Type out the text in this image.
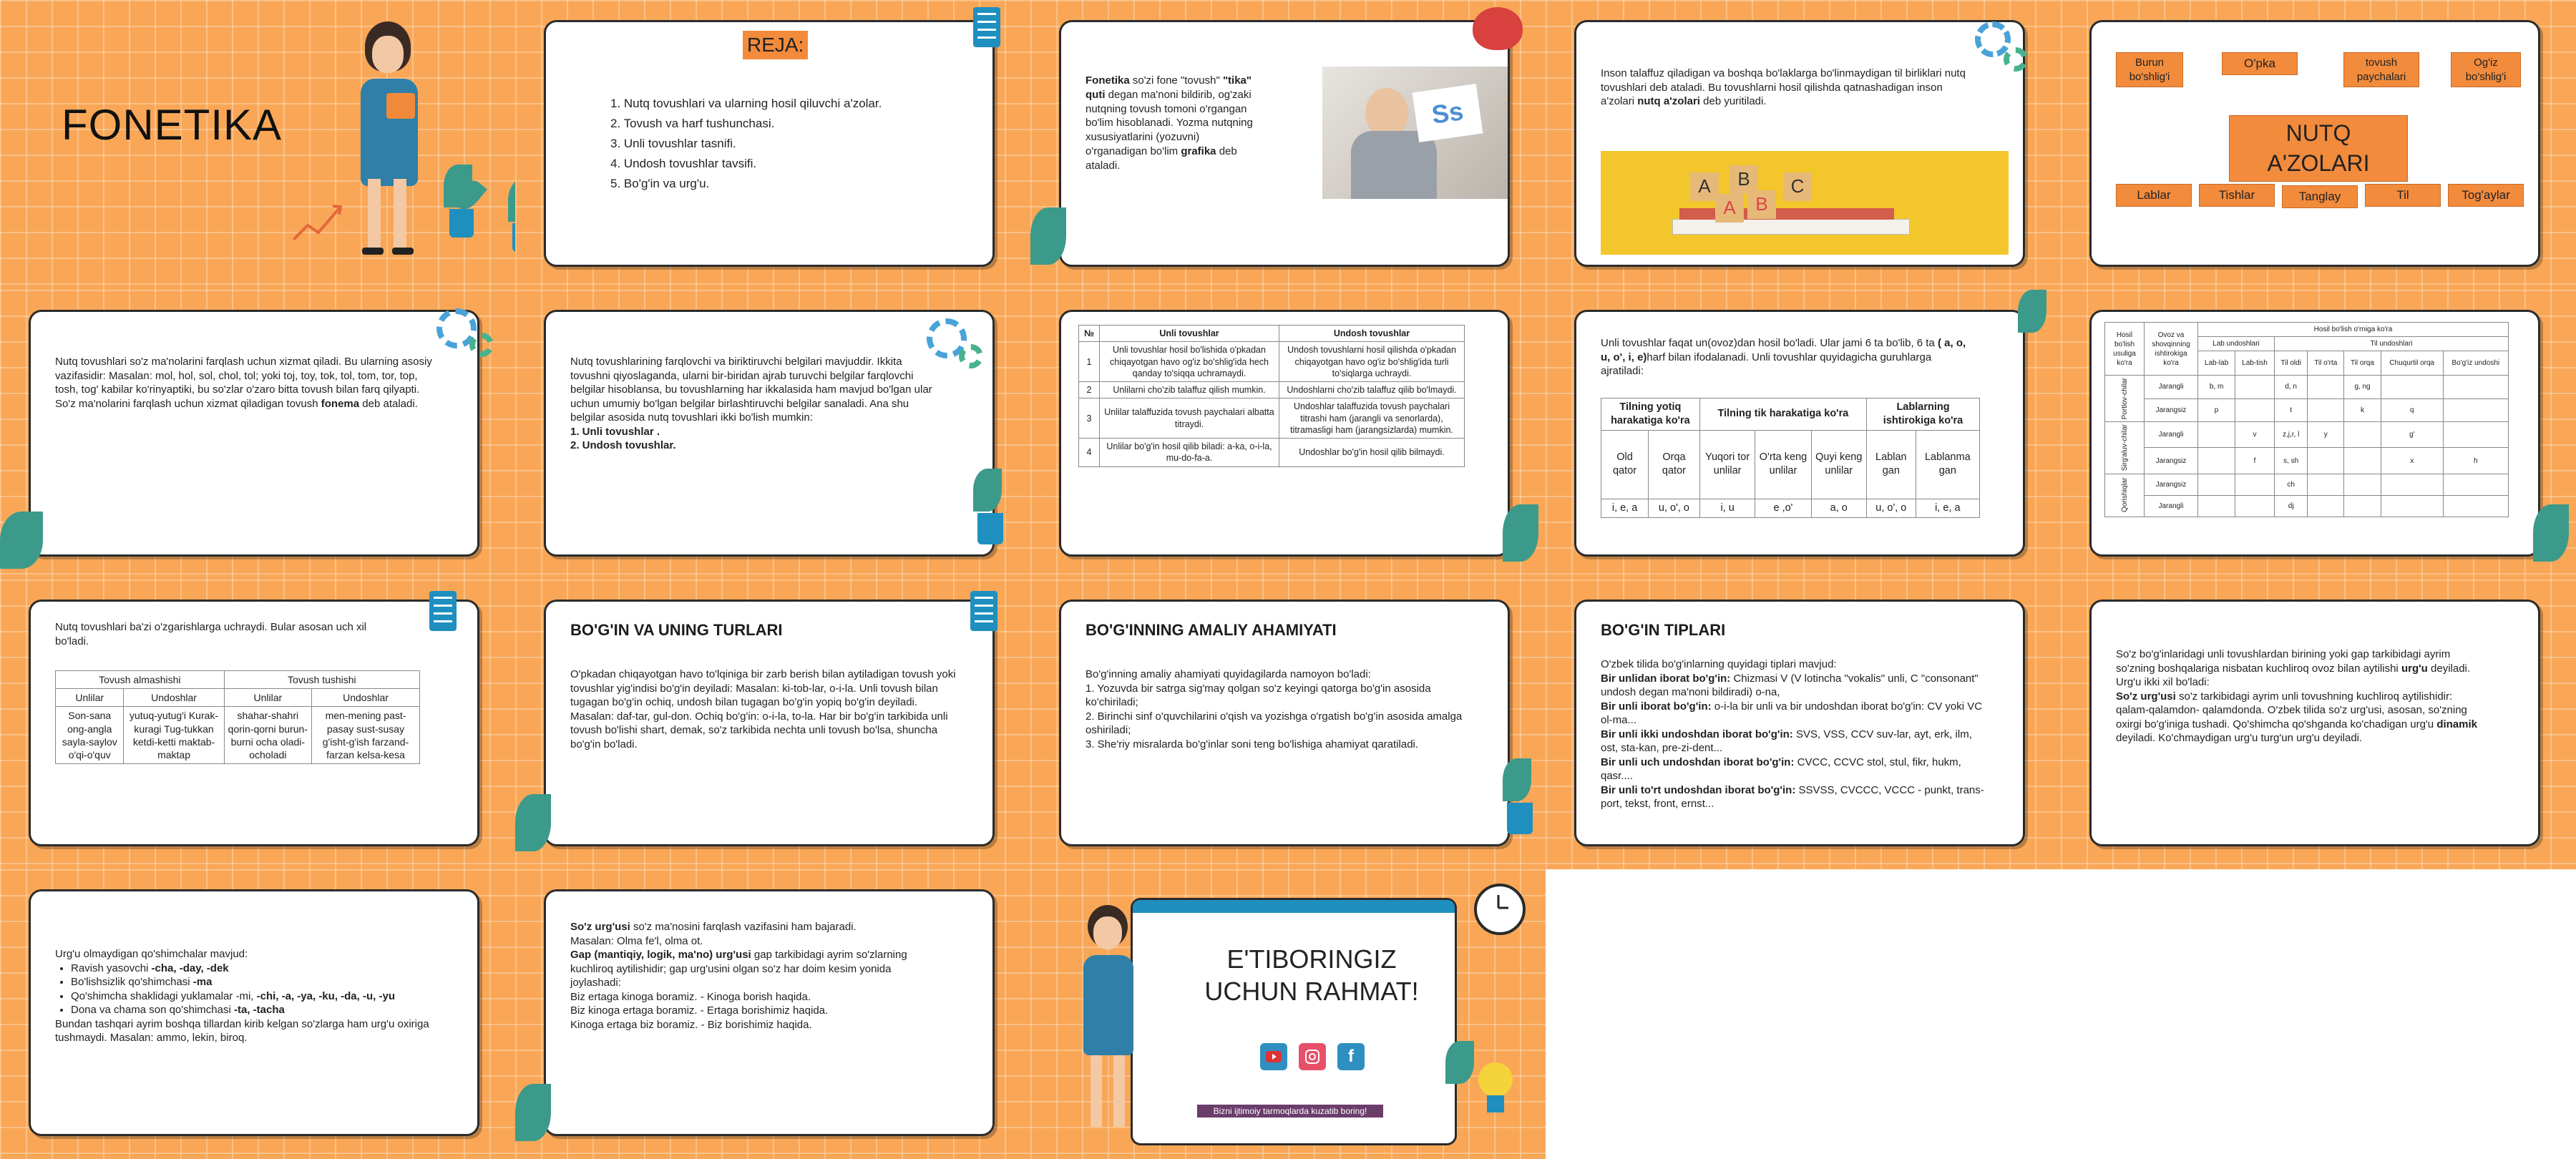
FONETIKA
REJA:
1. Nutq tovushlari va ularning hosil qiluvchi a'zolar.
2. Tovush va harf tushunchasi.
3. Unli tovushlar tasnifi.
4. Undosh tovushlar tavsifi.
5. Bo'g'in va urg'u.

Fonetika so'zi fone "tovush" "tika" quti degan ma'noni bildirib, og'zaki nutqning tovush tomoni o'rgangan bo'lim hisoblanadi. Yozma nutqning xususiyatlarini (yozuvni) o'rganadigan bo'lim grafika deb ataladi.

Ss

Inson talaffuz qiladigan va boshqa bo'laklarga bo'linmaydigan til birliklari nutq tovushlari deb ataladi. Bu tovushlarni hosil qilishda qatnashadigan inson a'zolari nutq a'zolari deb yuritiladi.

A	B
A	B
C
Burun bo'shlig'i
O'pka	tovush paychalari
Og'iz bo'shlig'i
NUTQ A'ZOLARI
Lablar	Tishlar	Tanglay	Til	Tog'aylar

Nutq tovushlari so'z ma'nolarini farqlash uchun xizmat qiladi. Bu ularning asosiy vazifasidir: Masalan: mol, hol, sol, chol, tol; yoki toj, toy, tok, tol, tom, tor, top, tosh, tog' kabilar ko'rinyaptiki, bu so'zlar o'zaro bitta tovush bilan farq qilyapti. So'z ma'nolarini farqlash uchun xizmat qiladigan tovush fonema deb ataladi.

Nutq tovushlarining farqlovchi va biriktiruvchi belgilari mavjuddir. Ikkita tovushni qiyoslaganda, ularni bir-biridan ajrab turuvchi belgilar farqlovchi belgilar hisoblansa, bu tovushlarning har ikkalasida ham mavjud bo'lgan ular uchun umumiy bo'lgan belgilar birlashtiruvchi belgilar sanaladi. Ana shu belgilar asosida nutq tovushlari ikki bo'lish mumkin:
1. Unli tovushlar .
2. Undosh tovushlar.

№	Unli tovushlar	Undosh tovushlar
1	Unli tovushlar hosil bo'lishida o'pkadan chiqayotgan havo og'iz bo'shlig'ida hech qanday to'siqqa uchramaydi.	Undosh tovushlarni hosil qilishda o'pkadan chiqayotgan havo og'iz bo'shlig'ida turli to'siqlarga uchraydi.
2	Unlilarni cho'zib talaffuz qilish mumkin.	Undoshlarni cho'zib talaffuz qilib bo'lmaydi.
3	Unlilar talaffuzida tovush paychalari albatta titraydi.	Undoshlar talaffuzida tovush paychalari titrashi ham (jarangli va senorlarda), titramasligi ham (jarangsizlarda) mumkin.
4	Unlilar bo'g'in hosil qilib biladi: a-ka, o-i-la, mu-do-fa-a.	Undoshlar bo'g'in hosil qilib bilmaydi.

Unli tovushlar faqat un(ovoz)dan hosil bo'ladi. Ular jami 6 ta bo'lib, 6 ta ( a, o, u, o', i, e)harf bilan ifodalanadi. Unli tovushlar quyidagicha guruhlarga ajratiladi:

Tilning yotiq harakatiga ko'ra		Tilning tik harakatiga ko'ra			Lablarning ishtirokiga ko'ra	
Old qator	Orqa qator	Yuqori tor unlilar	O'rta keng unlilar	Quyi keng unlilar	Lablan gan	Lablanma gan
i, e, a	u, o', o	i, u	e ,o'	a, o	u, o', o	i, e, a
Hosil bo'lish usuliga ko'ra	Ovoz va shovqinning ishtirokiga ko'ra	Hosil bo'lish o'rniga ko'ra						
		Lab undoshlari		Til undoshlari				
		Lab-lab	Lab-tish	Til oldi	Til o'rta	Til orqa	Chuqurtil orqa	Bo'g'iz undoshi
Portlov-chilar	Jarangli	b, m		d, n		g, ng		
	Jarangsiz	p		t		k	q	
Sirg'aluv-chilar	Jarangli		v	z,j,r, l	y		g'	
	Jarangsiz		f	s, sh			x	h
Qorishiqlar	Jarangsiz			ch				
	Jarangli			dj				

Nutq tovushlari ba'zi o'zgarishlarga uchraydi. Bular asosan uch xil bo'ladi.

Tovush almashishi		Tovush tushishi	
Unlilar	Undoshlar	Unlilar	Undoshlar
Son-sana ong-angla sayla-saylov o'qi-o'quv	yutuq-yutug'i Kurak-kuragi Tug-tukkan ketdi-ketti maktab-maktap	shahar-shahri qorin-qorni burun-burni ocha oladi-ocholadi	men-mening past-pasay sust-susay g'isht-g'ish farzand-farzan kelsa-kesa
BO'G'IN VA UNING TURLARI

O'pkadan chiqayotgan havo to'lqiniga bir zarb berish bilan aytiladigan tovush yoki tovushlar yig'indisi bo'g'in deyiladi: Masalan: ki-tob-lar, o-i-la. Unli tovush bilan tugagan bo'g'in ochiq, undosh bilan tugagan bo'g'in yopiq bo'g'in deyiladi. Masalan: daf-tar, gul-don. Ochiq bo'g'in: o-i-la, to-la. Har bir bo'g'in tarkibida unli tovush bo'lishi shart, demak, so'z tarkibida nechta unli tovush bo'lsa, shuncha bo'g'in bo'ladi.

BO'G'INNING AMALIY AHAMIYATI
Bo'g'inning amaliy ahamiyati quyidagilarda namoyon bo'ladi:
1. Yozuvda bir satrga sig'may qolgan so'z keyingi qatorga bo'g'in asosida ko'chiriladi;
2. Birinchi sinf o'quvchilarini o'qish va yozishga o'rgatish bo'g'in asosida amalga oshiriladi;
3. She'riy misralarda bo'g'inlar soni teng bo'lishiga ahamiyat qaratiladi.
BO'G'IN TIPLARI
O'zbek tilida bo'g'inlarning quyidagi tiplari mavjud:
Bir unlidan iborat bo'g'in: Chizmasi V (V lotincha "vokalis" unli, C "consonant" undosh degan ma'noni bildiradi) o-na,
Bir unli iborat bo'g'in: o-i-la bir unli va bir undoshdan iborat bo'g'in: CV yoki VC ol-ma...
Bir unli ikki undoshdan iborat bo'g'in: SVS, VSS, CCV suv-lar, ayt, erk, ilm, ost, sta-kan, pre-zi-dent...
Bir unli uch undoshdan iborat bo'g'in: CVCC, CCVC stol, stul, fikr, hukm, qasr....
Bir unli to'rt undoshdan iborat bo'g'in: SSVSS, CVCCC, VCCC - punkt, trans-port, tekst, front, ernst...

So'z bo'g'inlaridagi unli tovushlardan birining yoki gap tarkibidagi ayrim so'zning boshqalariga nisbatan kuchliroq ovoz bilan aytilishi urg'u deyiladi.
Urg'u ikki xil bo'ladi:
So'z urg'usi so'z tarkibidagi ayrim unli tovushning kuchliroq aytilishidir: qalam-qalamdon- qalamdonda. O'zbek tilida so'z urg'usi, asosan, so'zning oxirgi bo'g'iniga tushadi. Qo'shimcha qo'shganda ko'chadigan urg'u dinamik deyiladi. Ko'chmaydigan urg'u turg'un urg'u deyiladi.

Urg'u olmaydigan qo'shimchalar mavjud:
• Ravish yasovchi -cha, -day, -dek
• Bo'lishsizlik qo'shimchasi -ma
• Qo'shimcha shaklidagi yuklamalar -mi, -chi, -a, -ya, -ku, -da, -u, -yu
• Dona va chama son qo'shimchasi -ta, -tacha
Bundan tashqari ayrim boshqa tillardan kirib kelgan so'zlarga ham urg'u oxiriga tushmaydi. Masalan: ammo, lekin, biroq.
So'z urg'usi so'z ma'nosini farqlash vazifasini ham bajaradi.
Masalan: Olma fe'l, olma ot.
Gap (mantiqiy, logik, ma'no) urg'usi gap tarkibidagi ayrim so'zlarning kuchliroq aytilishidir; gap urg'usini olgan so'z har doim kesim yonida joylashadi:
Biz ertaga kinoga boramiz. - Kinoga borish haqida.
Biz kinoga ertaga boramiz. - Ertaga borishimiz haqida.
Kinoga ertaga biz boramiz. - Biz borishimiz haqida.
E'TIBORINGIZ
UCHUN RAHMAT!
f
Bizni ijtimoiy tarmoqlarda kuzatib boring!
